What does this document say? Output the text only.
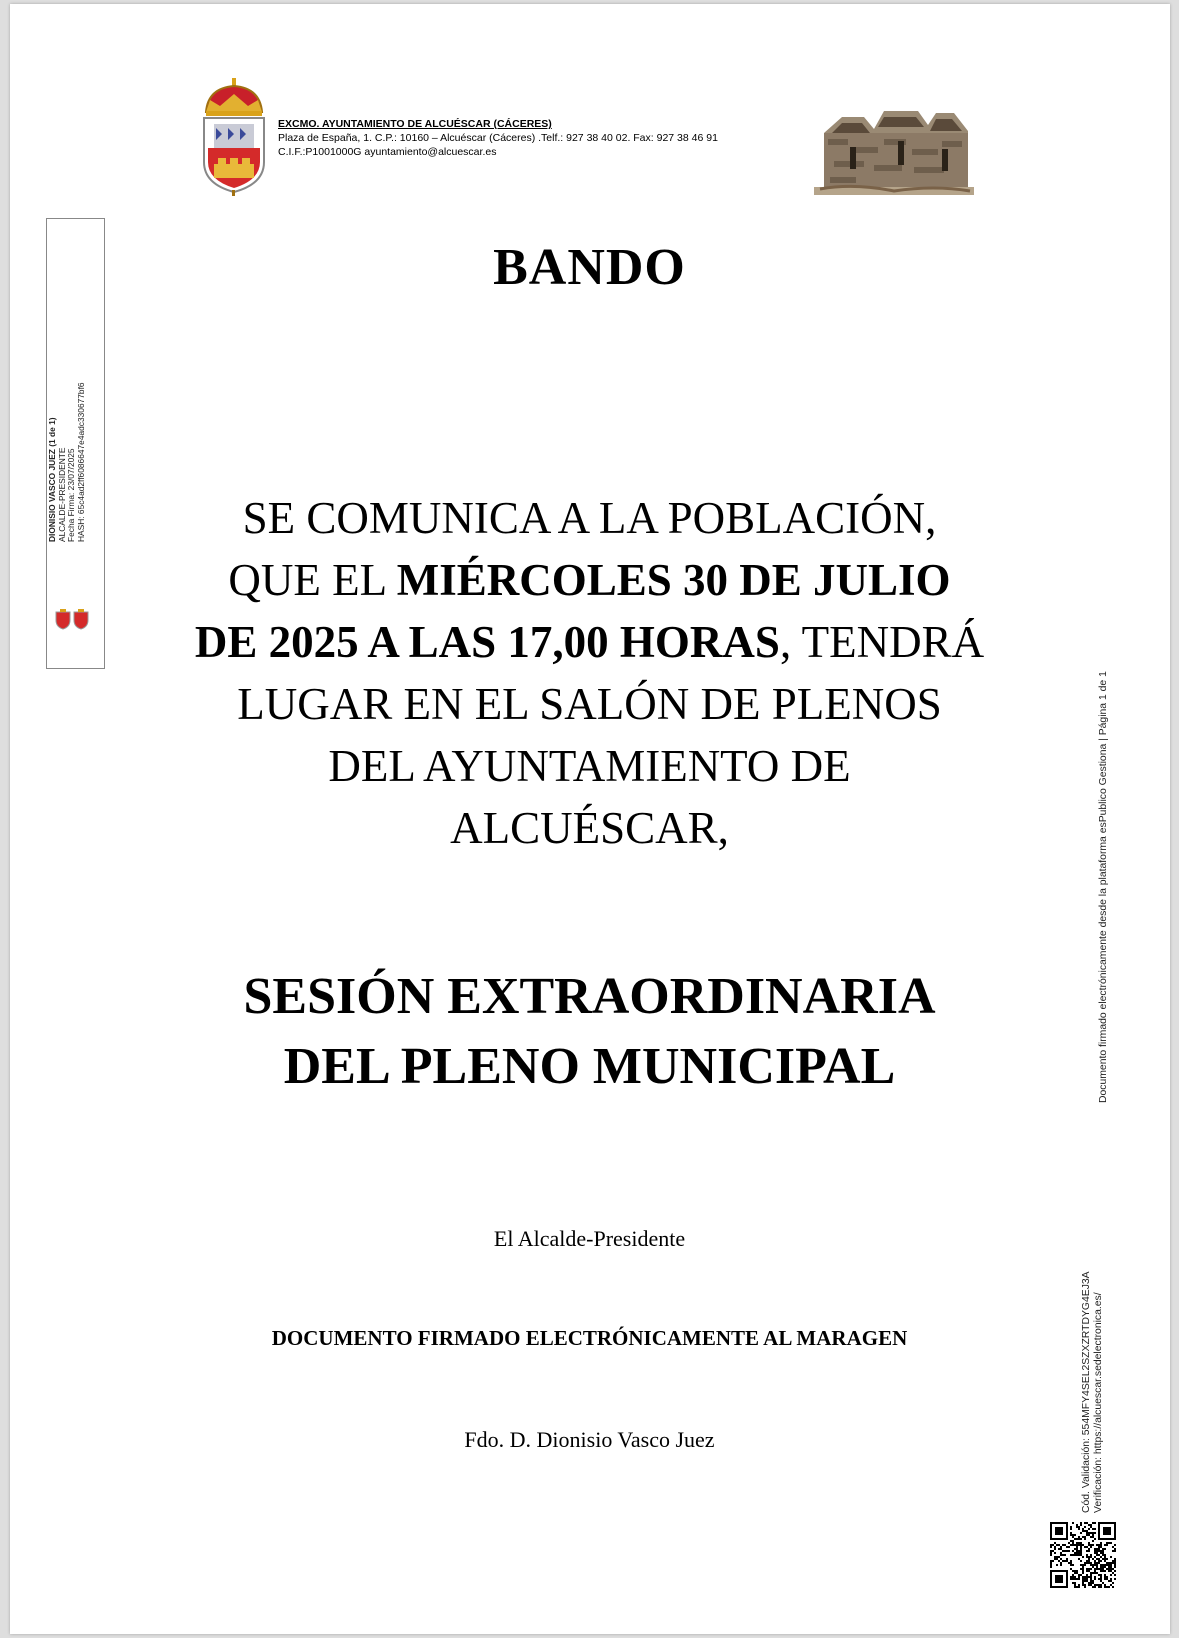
EXCMO. AYUNTAMIENTO DE ALCUÉSCAR (CÁCERES)
Plaza de España, 1. C.P.: 10160 – Alcuéscar (Cáceres) .Telf.: 927 38 40 02. Fax: 927 38 46 91
C.I.F.:P1001000G ayuntamiento@alcuescar.es
DIONISIO VASCO JUEZ (1 de 1) ALCALDE-PRESIDENTE Fecha Firma: 23/07/2025 HASH: 65c4ad2ff6086647e4adc330677bf6
BANDO
SE COMUNICA A LA POBLACIÓN,
QUE EL MIÉRCOLES 30 DE JULIO
DE 2025 A LAS 17,00 HORAS, TENDRÁ
LUGAR EN EL SALÓN DE PLENOS
DEL AYUNTAMIENTO DE
ALCUÉSCAR,
SESIÓN EXTRAORDINARIA
DEL PLENO MUNICIPAL
El Alcalde-Presidente
DOCUMENTO FIRMADO ELECTRÓNICAMENTE AL MARAGEN
Fdo. D. Dionisio Vasco Juez	Cód. Validación: 554MFY4SEL2SZXZRTDYG4EJ3A Verificación: https://alcuescar.sedelectronica.es/
Documento firmado electrónicamente desde la plataforma esPublico Gestiona | Página 1 de 1
